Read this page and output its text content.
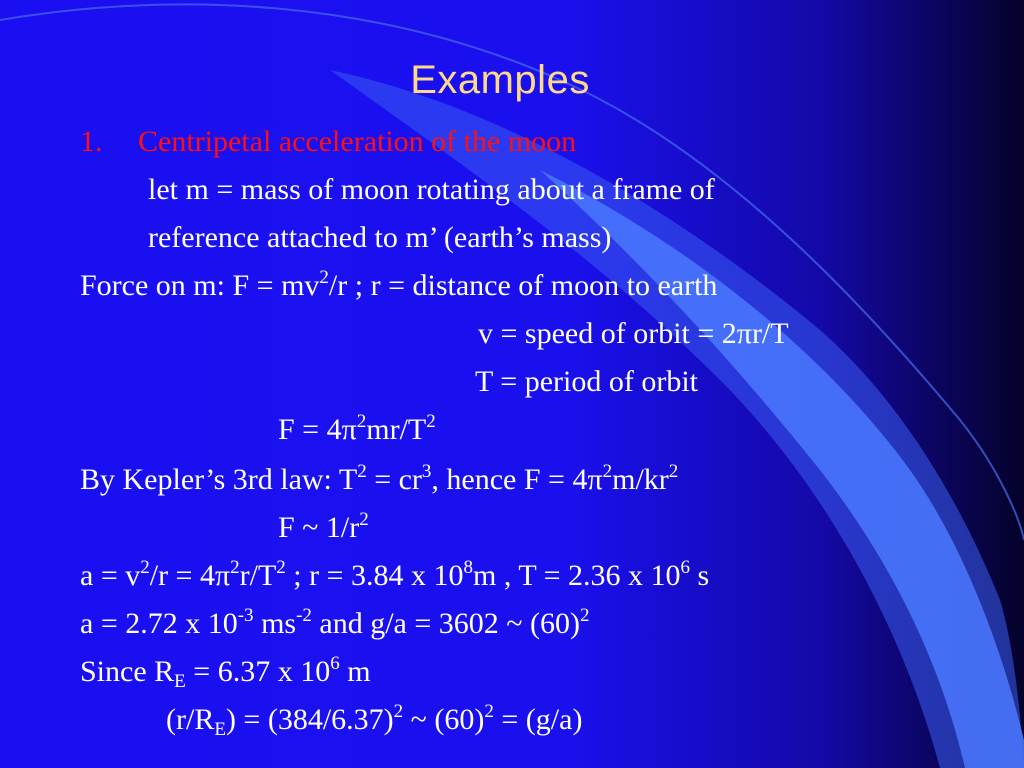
Examples
1. Centripetal acceleration of the moon
let m = mass of moon rotating about a frame of
reference attached to m’ (earth’s mass)
Force on m: $F = mv^2/r$ ; r = distance of moon to earth
v = speed of orbit = 2πr/T
T = period of orbit
$F = 4\pi^2mr/T^2$
By Kepler’s 3rd law: $T^2 = cr^3$, hence $F = 4\pi^2m/kr^2$
F ~ $1/r^2$
$a = v^2/r = 4\pi^2r/T^2$ ; r = 3.84 x $10^8m$ , T = 2.36 x $10^6$ s
a = 2.72 x $10^{-3}$ $ms^{-2}$ and g/a = 3602 ~ $(60)^2$
Since $R_E = 6.37$ x $10^6$ m
$(r/R_E) = (384/6.37)^2$ ~ $(60)^2 = (g/a)$
